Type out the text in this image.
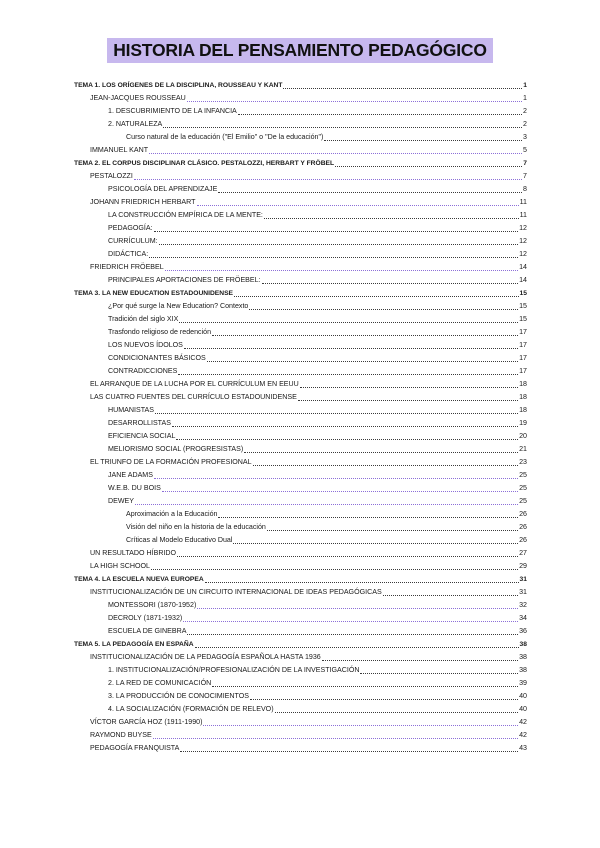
HISTORIA DEL PENSAMIENTO PEDAGÓGICO
TEMA 1. LOS ORÍGENES DE LA DISCIPLINA, ROUSSEAU Y KANT	1
JEAN-JACQUES ROUSSEAU	1
1. DESCUBRIMIENTO DE LA INFANCIA	2
2. NATURALEZA	2
Curso natural de la educación ("El Emilio" o "De la educación")	3
IMMANUEL KANT	5
TEMA 2. EL CORPUS DISCIPLINAR CLÁSICO. PESTALOZZI, HERBART Y FRÖBEL	7
PESTALOZZI	7
PSICOLOGÍA DEL APRENDIZAJE	8
JOHANN FRIEDRICH HERBART	11
LA CONSTRUCCIÓN EMPÍRICA DE LA MENTE:	11
PEDAGOGÍA:	12
CURRÍCULUM:	12
DIDÁCTICA:	12
FRIEDRICH FRÖEBEL	14
PRINCIPALES APORTACIONES DE FRÖEBEL:	14
TEMA 3. LA NEW EDUCATION ESTADOUNIDENSE	15
¿Por qué surge la New Education? Contexto	15
Tradición del siglo XIX	15
Trasfondo religioso de redención	17
LOS NUEVOS ÍDOLOS	17
CONDICIONANTES BÁSICOS	17
CONTRADICCIONES	17
EL ARRANQUE DE LA LUCHA POR EL CURRÍCULUM EN EEUU	18
LAS CUATRO FUENTES DEL CURRÍCULO ESTADOUNIDENSE	18
HUMANISTAS	18
DESARROLLISTAS	19
EFICIENCIA SOCIAL	20
MELIORISMO SOCIAL (PROGRESISTAS)	21
EL TRIUNFO DE LA FORMACIÓN PROFESIONAL	23
JANE ADAMS	25
W.E.B. DU BOIS	25
DEWEY	25
Aproximación a la Educación	26
Visión del niño en la historia de la educación	26
Críticas al Modelo Educativo Dual	26
UN RESULTADO HÍBRIDO	27
LA HIGH SCHOOL	29
TEMA 4. LA ESCUELA NUEVA EUROPEA	31
INSTITUCIONALIZACIÓN DE UN CIRCUITO INTERNACIONAL DE IDEAS PEDAGÓGICAS	31
MONTESSORI (1870-1952)	32
DECROLY (1871-1932)	34
ESCUELA DE GINEBRA	36
TEMA 5. LA PEDAGOGÍA EN ESPAÑA	38
INSTITUCIONALIZACIÓN DE LA PEDAGOGÍA ESPAÑOLA HASTA 1936	38
1. INSTITUCIONALIZACIÓN/PROFESIONALIZACIÓN DE LA INVESTIGACIÓN	38
2. LA RED DE COMUNICACIÓN	39
3. LA PRODUCCIÓN DE CONOCIMIENTOS	40
4. LA SOCIALIZACIÓN (FORMACIÓN DE RELEVO)	40
VÍCTOR GARCÍA HOZ (1911-1990)	42
RAYMOND BUYSE	42
PEDAGOGÍA FRANQUISTA	43
